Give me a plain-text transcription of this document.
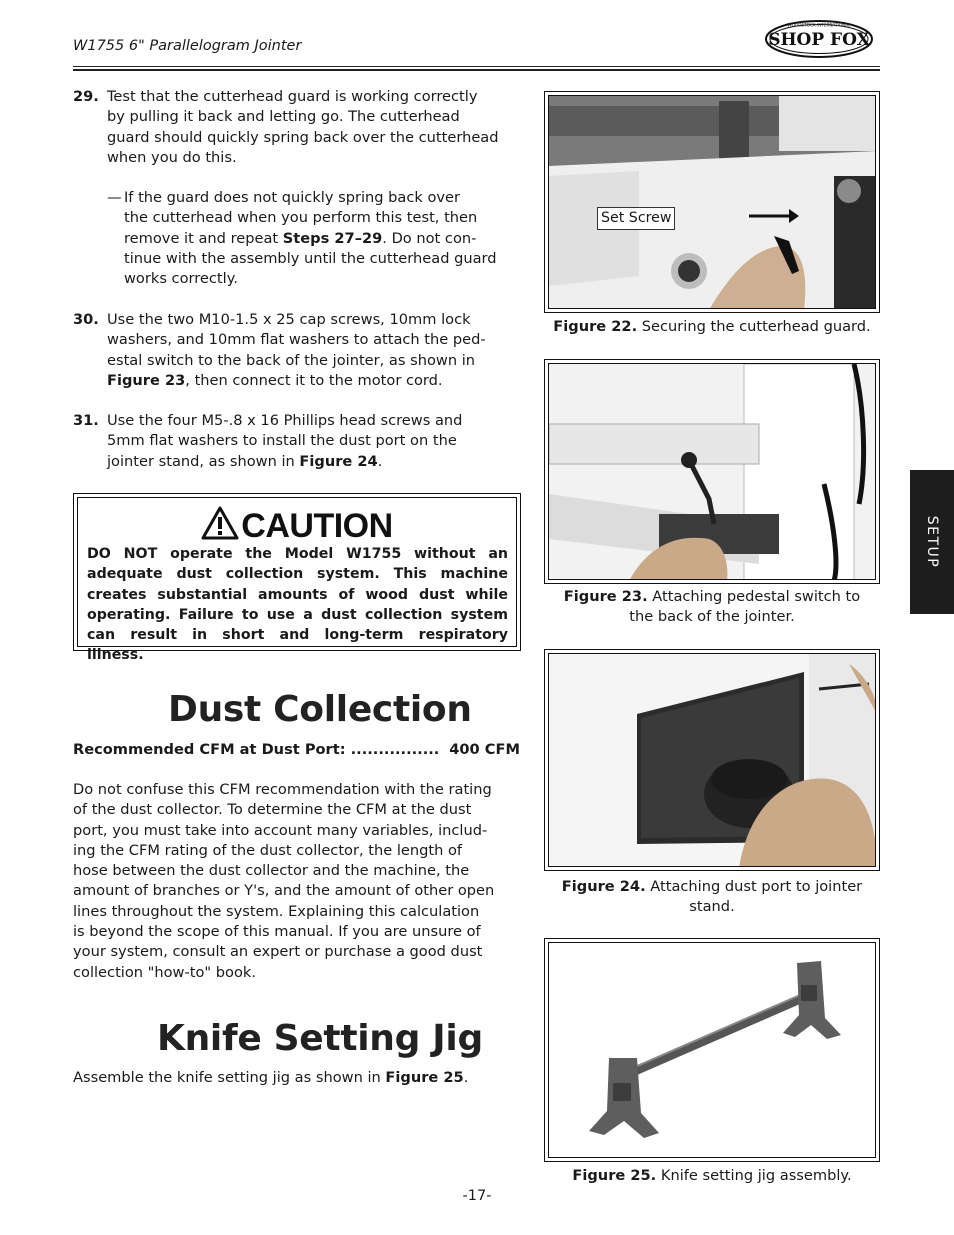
W1755 6" Parallelogram Jointer
WOODSTOCK INTERNATIONAL
SHOP FOX
29. Test that the cutterhead guard is working correctly
by pulling it back and letting go. The cutterhead
guard should quickly spring back over the cutterhead
when you do this.
— If the guard does not quickly spring back over
the cutterhead when you perform this test, then
remove it and repeat Steps 27–29. Do not con-
tinue with the assembly until the cutterhead guard
works correctly.
30. Use the two M10-1.5 x 25 cap screws, 10mm lock
washers, and 10mm flat washers to attach the ped-
estal switch to the back of the jointer, as shown in
Figure 23, then connect it to the motor cord.
31. Use the four M5-.8 x 16 Phillips head screws and
5mm flat washers to install the dust port on the
jointer stand, as shown in Figure 24.
CAUTION
DO NOT operate the Model W1755 without an adequate dust collection system. This machine creates substantial amounts of wood dust while operating. Failure to use a dust collection system can result in short and long-term respiratory illness.
Dust Collection
Recommended CFM at Dust Port: ................ 400 CFM
Do not confuse this CFM recommendation with the rating
of the dust collector. To determine the CFM at the dust
port, you must take into account many variables, includ-
ing the CFM rating of the dust collector, the length of
hose between the dust collector and the machine, the
amount of branches or Y's, and the amount of other open
lines throughout the system. Explaining this calculation
is beyond the scope of this manual. If you are unsure of
your system, consult an expert or purchase a good dust
collection "how-to" book.
Knife Setting Jig
Assemble the knife setting jig as shown in Figure 25.
Set Screw
Figure 22. Securing the cutterhead guard.
Figure 23. Attaching pedestal switch to
the back of the jointer.
Figure 24. Attaching dust port to jointer
stand.
Figure 25. Knife setting jig assembly.
SETUP
-17-
